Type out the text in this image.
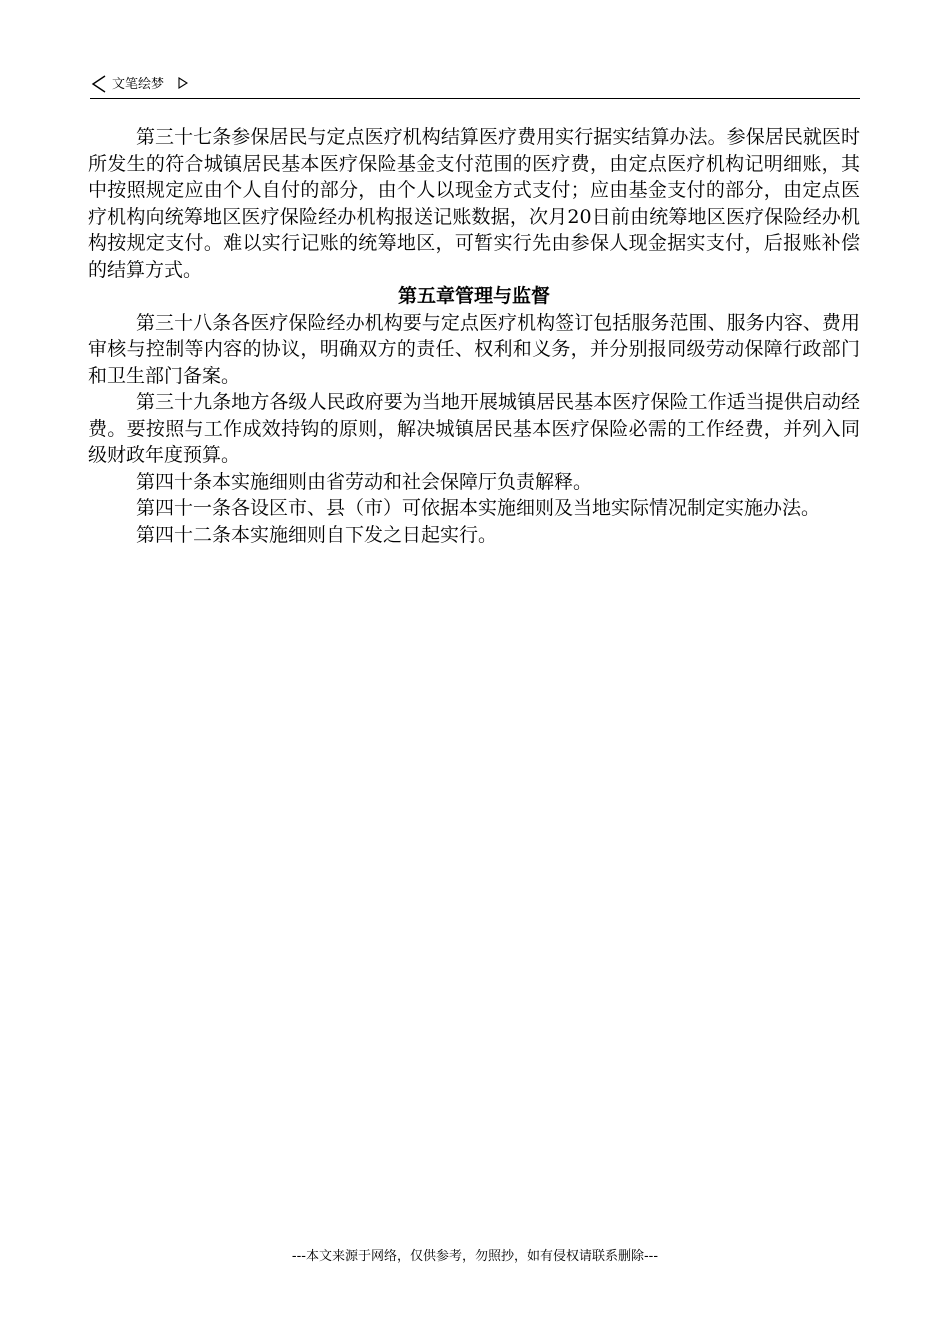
文笔绘梦

第三十七条参保居民与定点医疗机构结算医疗费用实行据实结算办法。参保居民就医时所发生的符合城镇居民基本医疗保险基金支付范围的医疗费，由定点医疗机构记明细账，其中按照规定应由个人自付的部分，由个人以现金方式支付；应由基金支付的部分，由定点医疗机构向统筹地区医疗保险经办机构报送记账数据，次月20日前由统筹地区医疗保险经办机构按规定支付。难以实行记账的统筹地区，可暂实行先由参保人现金据实支付，后报账补偿的结算方式。

第五章管理与监督

第三十八条各医疗保险经办机构要与定点医疗机构签订包括服务范围、服务内容、费用审核与控制等内容的协议，明确双方的责任、权利和义务，并分别报同级劳动保障行政部门和卫生部门备案。

第三十九条地方各级人民政府要为当地开展城镇居民基本医疗保险工作适当提供启动经费。要按照与工作成效持钩的原则，解决城镇居民基本医疗保险必需的工作经费，并列入同级财政年度预算。

第四十条本实施细则由省劳动和社会保障厅负责解释。

第四十一条各设区市、县（市）可依据本实施细则及当地实际情况制定实施办法。

第四十二条本实施细则自下发之日起实行。

---本文来源于网络，仅供参考，勿照抄，如有侵权请联系删除---
